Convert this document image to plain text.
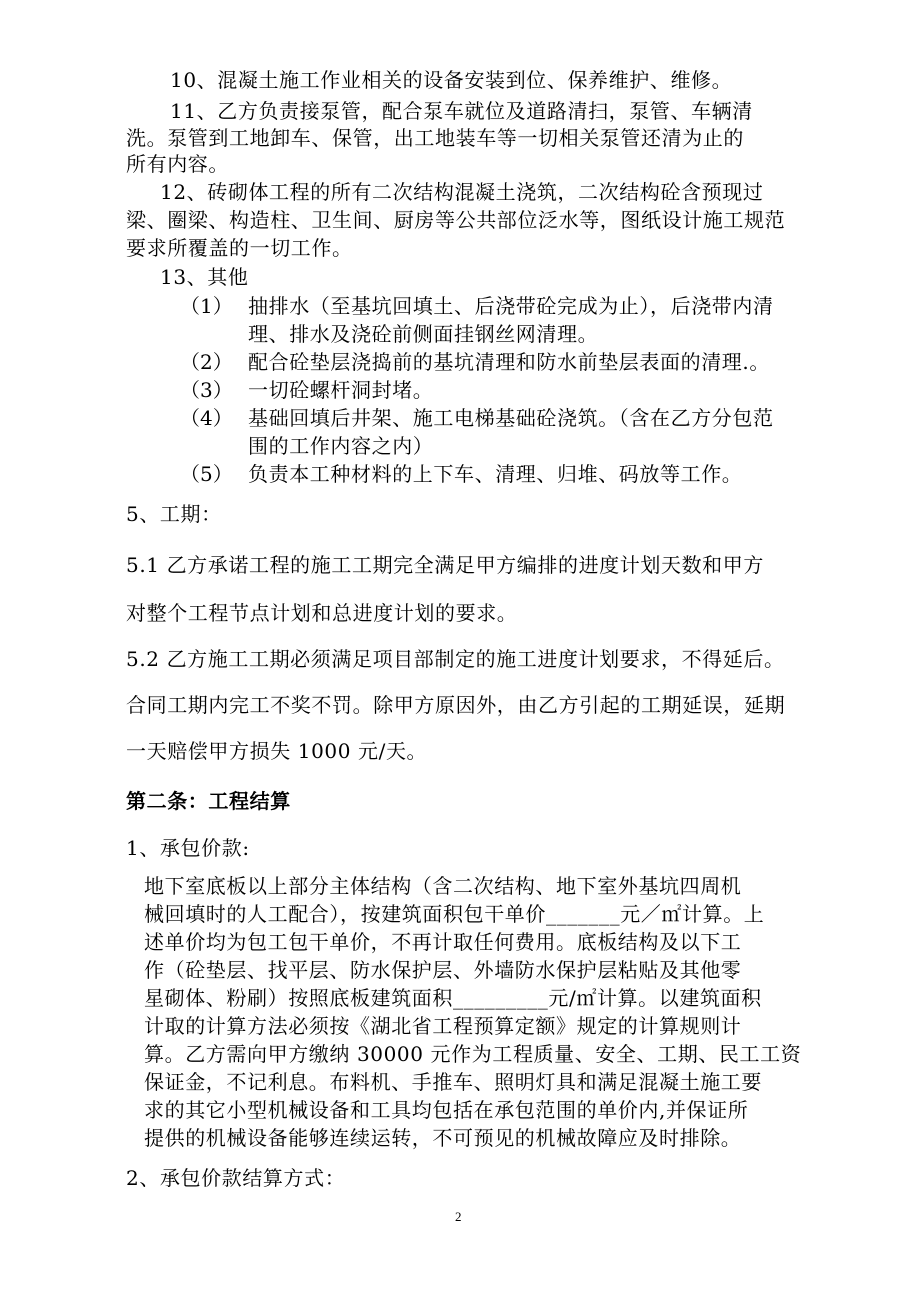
10、混凝土施工作业相关的设备安装到位、保养维护、维修。
11、乙方负责接泵管，配合泵车就位及道路清扫，泵管、车辆清
洗。泵管到工地卸车、保管，出工地装车等一切相关泵管还清为止的
所有内容。
12、砖砌体工程的所有二次结构混凝土浇筑，二次结构砼含预现过
梁、圈梁、构造柱、卫生间、厨房等公共部位泛水等，图纸设计施工规范
要求所覆盖的一切工作。
13、其他
（1） 抽排水（至基坑回填土、后浇带砼完成为止），后浇带内清
理、排水及浇砼前侧面挂钢丝网清理。
（2） 配合砼垫层浇捣前的基坑清理和防水前垫层表面的清理.。
（3） 一切砼螺杆洞封堵。
（4） 基础回填后井架、施工电梯基础砼浇筑。（含在乙方分包范
围的工作内容之内）
（5） 负责本工种材料的上下车、清理、归堆、码放等工作。
5、工期：
5.1 乙方承诺工程的施工工期完全满足甲方编排的进度计划天数和甲方
对整个工程节点计划和总进度计划的要求。
5.2 乙方施工工期必须满足项目部制定的施工进度计划要求，不得延后。
合同工期内完工不奖不罚。除甲方原因外，由乙方引起的工期延误，延期
一天赔偿甲方损失 1000 元/天。
第二条：工程结算
1、承包价款:
地下室底板以上部分主体结构（含二次结构、地下室外基坑四周机
械回填时的人工配合），按建筑面积包干单价_______元／㎡计算。上
述单价均为包工包干单价，不再计取任何费用。底板结构及以下工
作（砼垫层、找平层、防水保护层、外墙防水保护层粘贴及其他零
星砌体、粉刷）按照底板建筑面积_________元/㎡计算。以建筑面积
计取的计算方法必须按《湖北省工程预算定额》规定的计算规则计
算。乙方需向甲方缴纳 30000 元作为工程质量、安全、工期、民工工资
保证金，不记利息。布料机、手推车、照明灯具和满足混凝土施工要
求的其它小型机械设备和工具均包括在承包范围的单价内,并保证所
提供的机械设备能够连续运转，不可预见的机械故障应及时排除。
2、承包价款结算方式：
2
